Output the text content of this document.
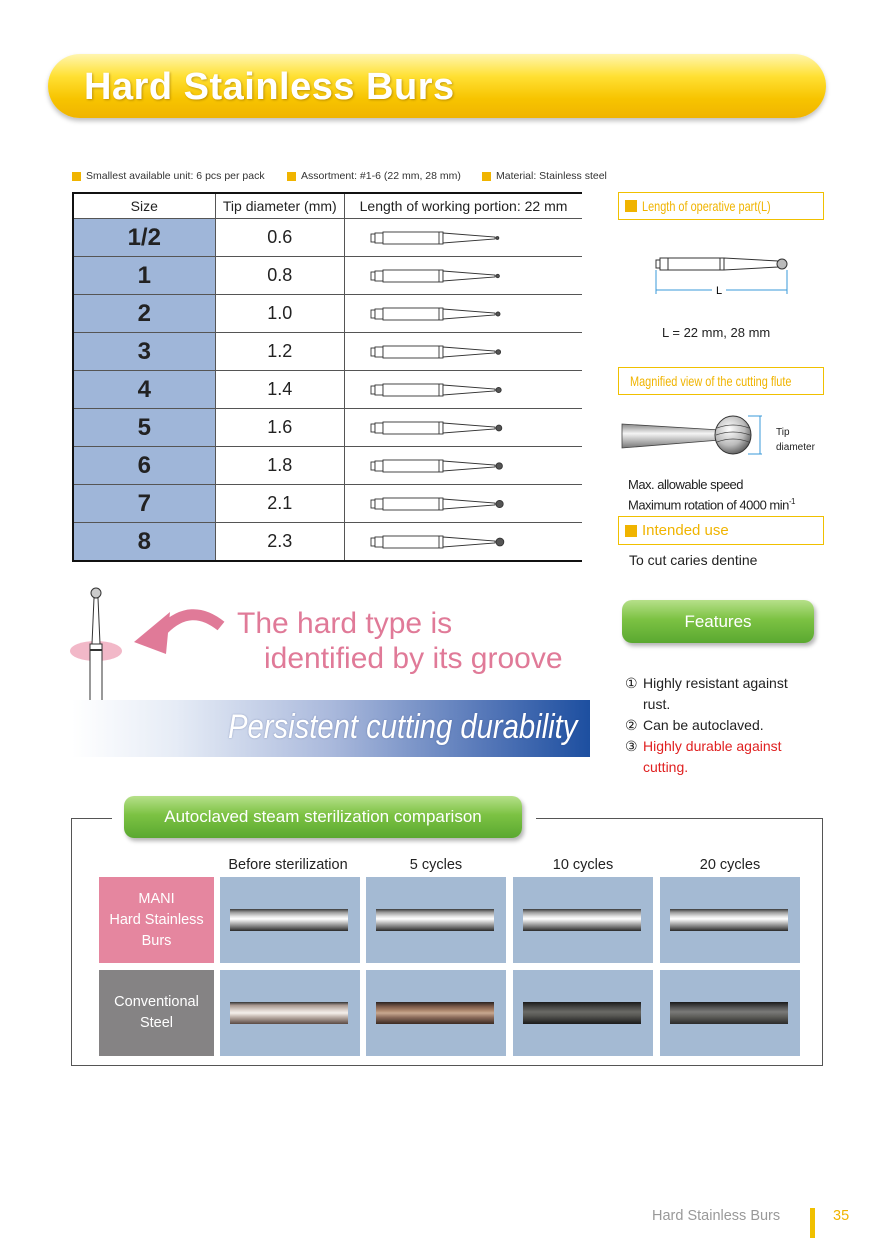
Hard Stainless Burs
Smallest available unit: 6 pcs per pack	Assortment: #1-6 (22 mm, 28 mm)	Material: Stainless steel
Size	Tip diameter (mm)	Length of working portion: 22 mm
1/2	0.6	

1	0.8	

2	1.0	

3	1.2	

4	1.4	

5	1.6	

6	1.8	

7	2.1	

8	2.3	
Length of operative part(L)
L
L = 22 mm, 28 mm
Magnified view of the cutting flute
Tip
diameter
Max. allowable speed
Maximum rotation of 4000 $\min^{-1}$
Intended use
To cut caries dentine
The hard type is
identified by its groove
Persistent cutting durability
Features
① Highly resistant against
rust.
② Can be autoclaved.
③ Highly durable against
cutting.
Autoclaved steam sterilization comparison
Before sterilization	5 cycles	10 cycles	20 cycles
MANI
Hard Stainless
Burs
Conventional
Steel
Hard Stainless Burs	35
